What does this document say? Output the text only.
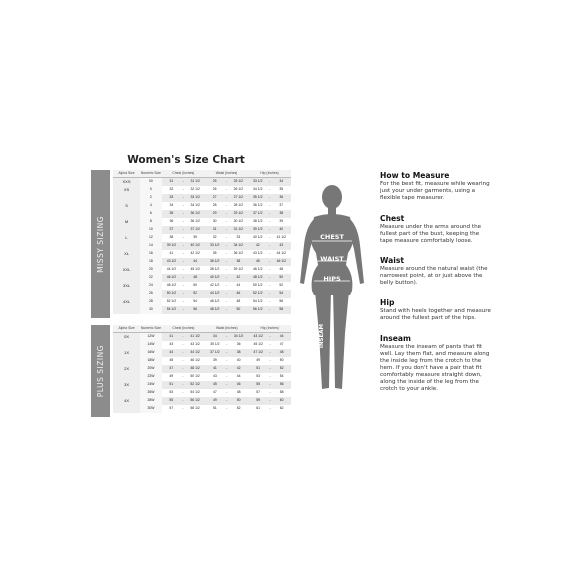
Women's Size Chart
MISSY SIZING
Alpha Size	Numeric Size	Chest (Inches)			Waist (Inches)			Hip (Inches)		
XXS	00	31	-	31 1/2	25	-	25 1/2	33 1/2	-	34
XS	0	32	-	32 1/2	26	-	26 1/2	34 1/2	-	35
	2	33	-	33 1/2	27	-	27 1/2	35 1/2	-	36
S	4	34	-	34 1/2	28	-	28 1/2	36 1/2	-	37
	6	35	-	36 1/2	29	-	29 1/2	37 1/2	-	38
M	8	36	-	36 1/2	30	-	30 1/2	38 1/2	-	39
	10	37	-	37 1/2	31	-	31 1/2	39 1/2	-	40
L	12	38	-	39	32	-	33	40 1/2	-	41 1/2
	14	39 1/2	-	40 1/2	33 1/2	-	34 1/2	42	-	43
XL	16	41	-	42 1/2	35	-	36 1/2	43 1/2	-	44 1/2
	18	43 1/2	-	44	36 1/2	-	38	45	-	46 1/2
XXL	20	44 1/2	-	45 1/2	38 1/2	-	39 1/2	46 1/2	-	48
	22	46 1/2	-	48	40 1/2	-	42	48 1/2	-	50
3XL	24	48 1/2	-	50	42 1/2	-	44	50 1/2	-	52
	26	50 1/2	-	52	44 1/2	-	46	52 1/2	-	54
4XL	28	52 1/2	-	54	46 1/2	-	48	54 1/2	-	56
	30	54 1/2	-	56	48 1/2	-	50	56 1/2	-	58
PLUS SIZING
Alpha Size	Numeric Size	Chest (Inches)			Waist (Inches)			Hip (Inches)		
0X	12W	41	-	41 1/2	34	-	34 1/2	43 1/2	-	44
	14W	43	-	43 1/2	35 1/2	-	36	45 1/2	-	47
1X	16W	44	-	44 1/2	37 1/2	-	38	47 1/2	-	48
	18W	45	-	46 1/2	39	-	40	49	-	50
2X	20W	47	-	48 1/2	41	-	42	51	-	52
	22W	49	-	50 1/2	43	-	44	53	-	54
3X	24W	51	-	52 1/2	45	-	46	55	-	56
	26W	53	-	54 1/2	47	-	48	57	-	58
4X	28W	55	-	56 1/2	49	-	50	59	-	60
	30W	57	-	58 1/2	51	-	52	61	-	62
CHEST
WAIST
HIPS
INSEAM
How to Measure

For the best fit, measure while wearing
just your under garments, using a
flexible tape measurer.

Chest

Measure under the arms around the
fullest part of the bust, keeping the
tape measure comfortably loose.

Waist

Measure around the natural waist (the
narrowest point, at or just above the
belly button).

Hip

Stand with heels together and measure
around the fullest part of the hips.

Inseam

Measure the inseam of pants that fit
well. Lay them flat, and measure along
the inside leg from the crotch to the
hem. If you don't have a pair that fit
comfortably measure straight down,
along the inside of the leg from the
crotch to your ankle.
